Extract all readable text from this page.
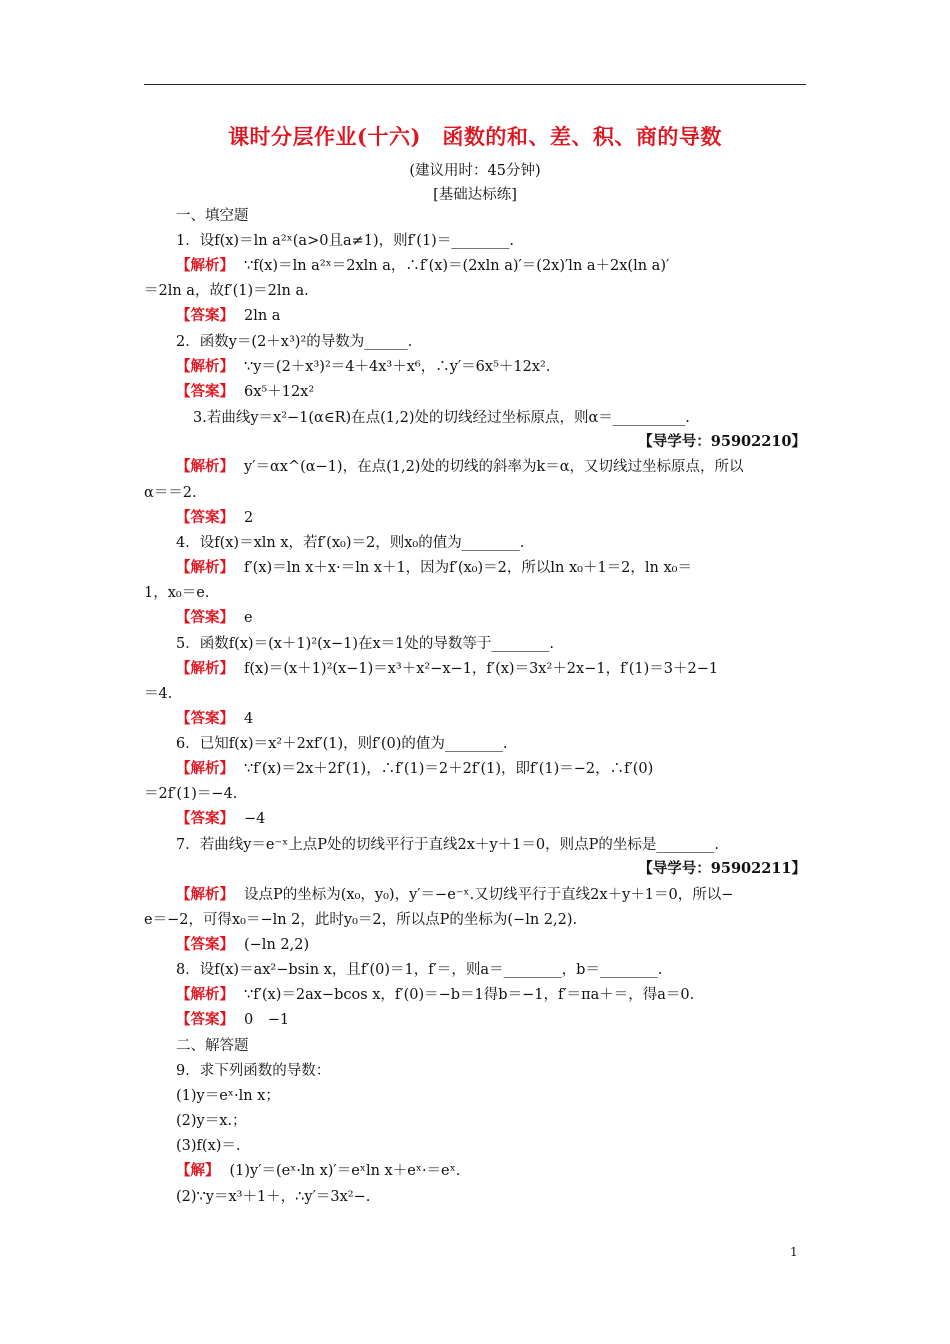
课时分层作业(十六)　函数的和、差、积、商的导数
(建议用时：45分钟)
[基础达标练]
一、填空题
1．设f(x)＝ln a²ˣ(a>0且a≠1)，则f′(1)＝________.
【解析】 ∵f(x)＝ln a²ˣ＝2xln a，∴f′(x)＝(2xln a)′＝(2x)′ln a＋2x(ln a)′
＝2ln a，故f′(1)＝2ln a.
【答案】 2ln a
2．函数y＝(2＋x³)²的导数为______.
【解析】 ∵y＝(2＋x³)²＝4＋4x³＋x⁶，∴y′＝6x⁵＋12x².
【答案】 6x⁵＋12x²
3.若曲线y＝x²−1(α∈R)在点(1,2)处的切线经过坐标原点，则α＝__________.
【导学号：95902210】
【解析】 y′＝αx^(α−1)，在点(1,2)处的切线的斜率为k＝α，又切线过坐标原点，所以
α＝＝2.
【答案】 2
4．设f(x)＝xln x，若f′(x₀)＝2，则x₀的值为________.
【解析】 f′(x)＝ln x＋x·＝ln x＋1，因为f′(x₀)＝2，所以ln x₀＋1＝2，ln x₀＝
1，x₀＝e.
【答案】 e
5．函数f(x)＝(x＋1)²(x−1)在x＝1处的导数等于________.
【解析】 f(x)＝(x＋1)²(x−1)＝x³＋x²−x−1，f′(x)＝3x²＋2x−1，f′(1)＝3＋2−1
＝4.
【答案】 4
6．已知f(x)＝x²＋2xf′(1)，则f′(0)的值为________.
【解析】 ∵f′(x)＝2x＋2f′(1)，∴f′(1)＝2＋2f′(1)，即f′(1)＝−2，∴f′(0)
＝2f′(1)＝−4.
【答案】 −4
7．若曲线y＝e⁻ˣ上点P处的切线平行于直线2x＋y＋1＝0，则点P的坐标是________.
【导学号：95902211】
【解析】 设点P的坐标为(x₀，y₀)，y′＝−e⁻ˣ.又切线平行于直线2x＋y＋1＝0，所以−
e＝−2，可得x₀＝−ln 2，此时y₀＝2，所以点P的坐标为(−ln 2,2).
【答案】 (−ln 2,2)
8．设f(x)＝ax²−bsin x，且f′(0)＝1，f′＝，则a＝________，b＝________.
【解析】 ∵f′(x)＝2ax−bcos x，f′(0)＝−b＝1得b＝−1，f′＝πa＋＝，得a＝0.
【答案】 0　−1
二、解答题
9．求下列函数的导数：
(1)y＝eˣ·ln x；
(2)y＝x.；
(3)f(x)＝.
【解】 (1)y′＝(eˣ·ln x)′＝eˣln x＋eˣ·＝eˣ.
(2)∵y＝x³＋1＋，∴y′＝3x²−.
1
